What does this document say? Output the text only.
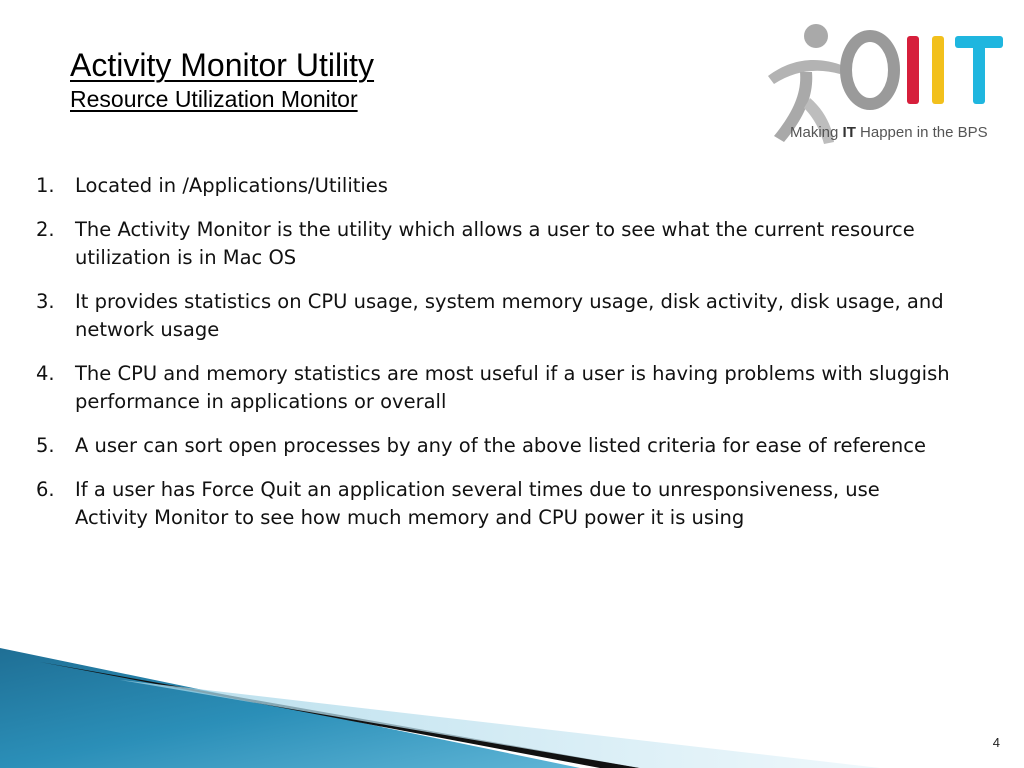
Activity Monitor Utility
Resource Utilization Monitor
Making IT Happen in the BPS
1. Located in /Applications/Utilities
2. The Activity Monitor is the utility which allows a user to see what the current resource utilization is in Mac OS
3. It provides statistics on CPU usage, system memory usage, disk activity, disk usage, and network usage
4. The CPU and memory statistics are most useful if a user is having problems with sluggish performance in applications or overall
5. A user can sort open processes by any of the above listed criteria for ease of reference
6. If a user has Force Quit an application several times due to unresponsiveness, use Activity Monitor to see how much memory and CPU power it is using
4
